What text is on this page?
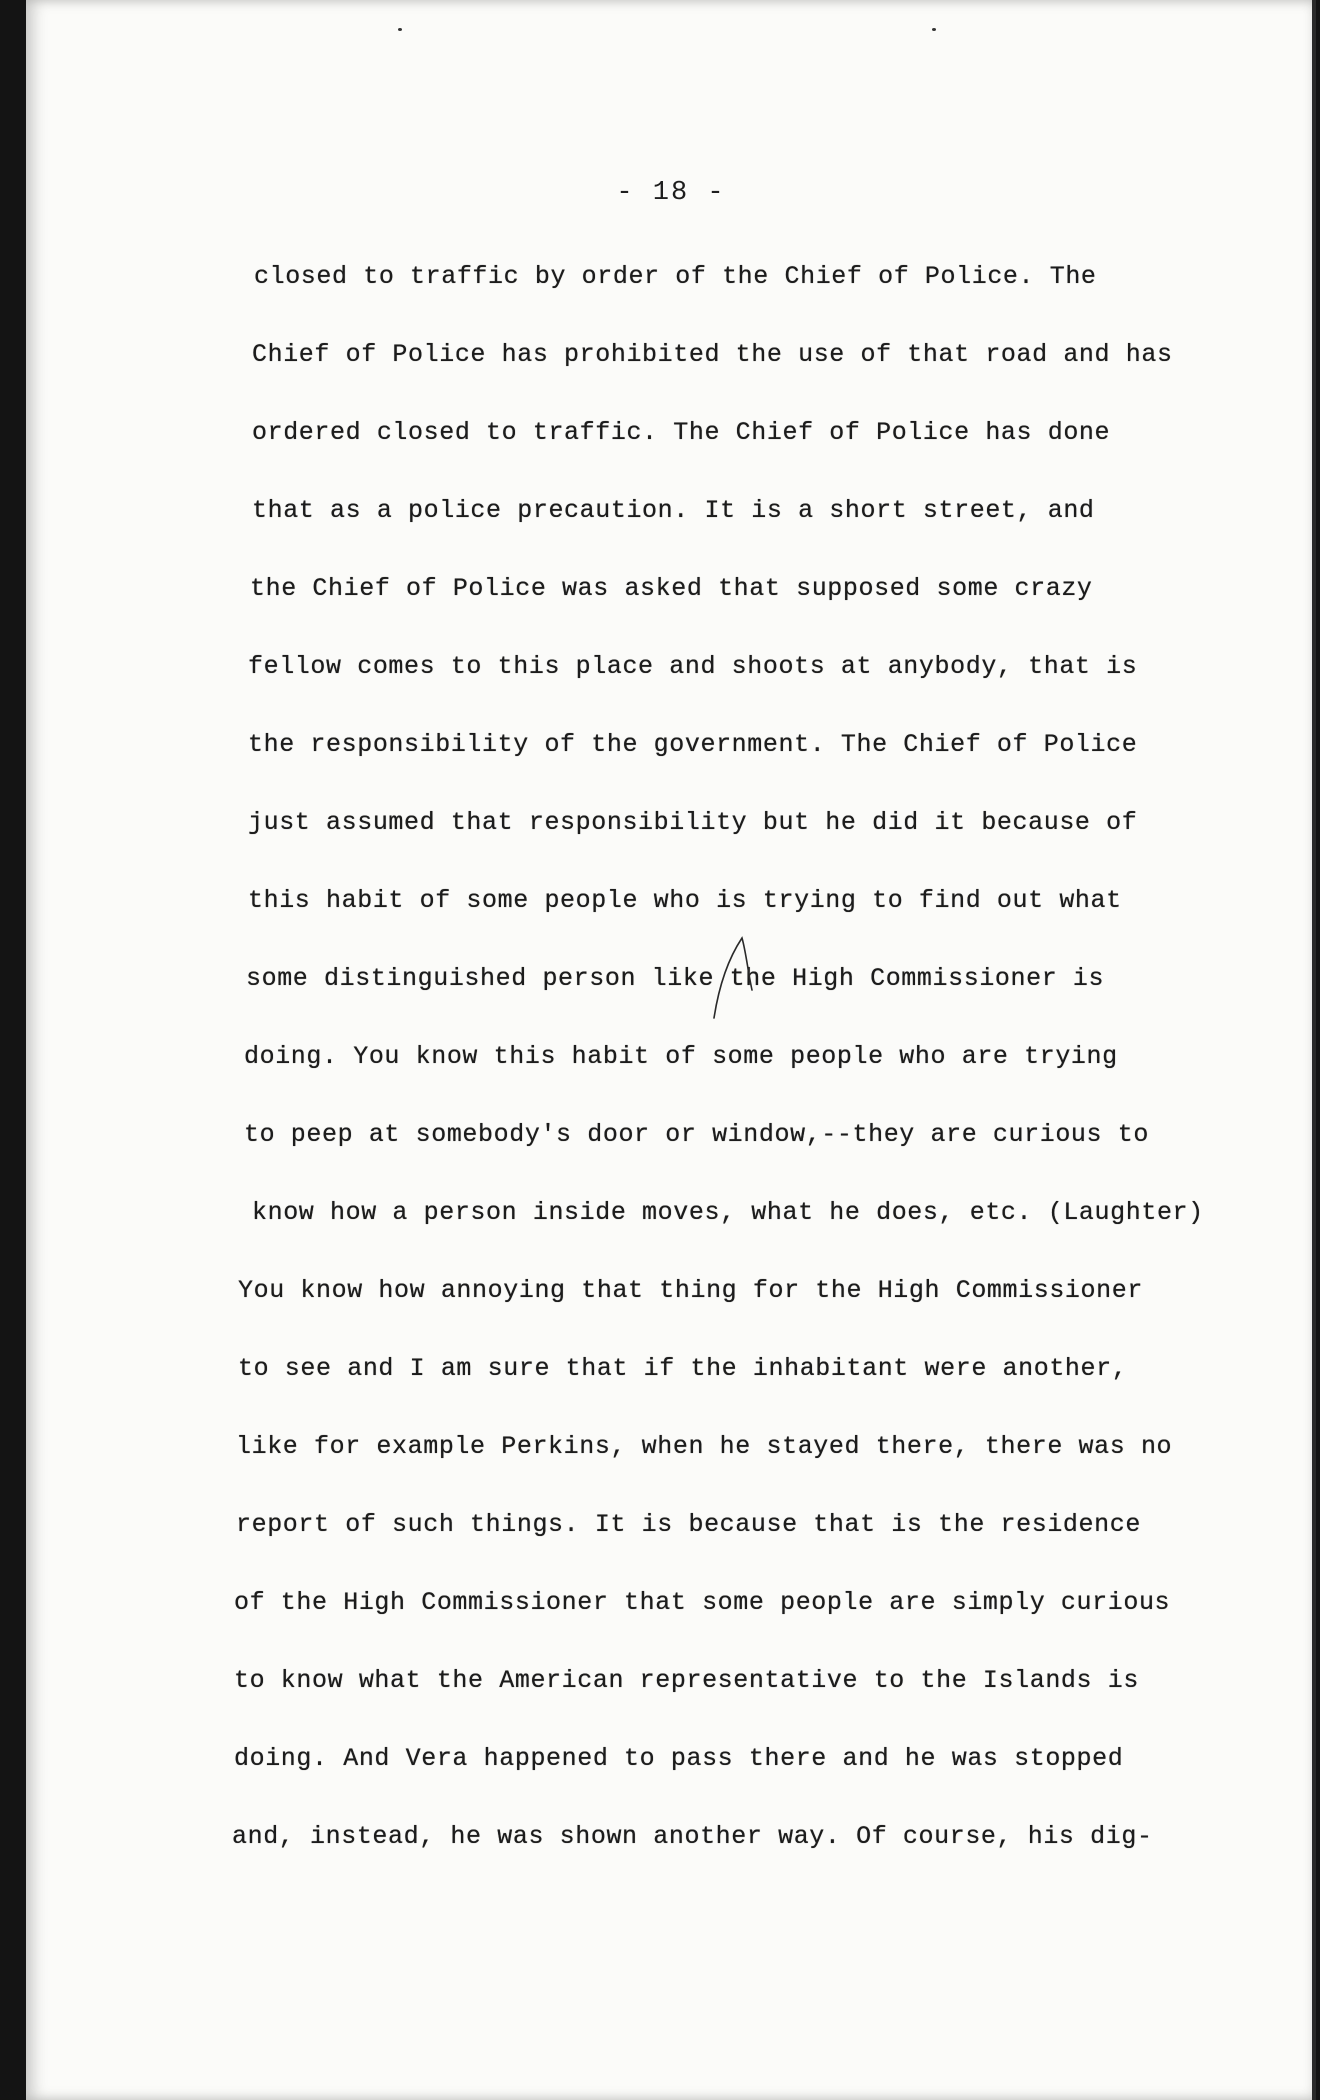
- 18 -
closed to traffic by order of the Chief of Police. The
Chief of Police has prohibited the use of that road and has
ordered closed to traffic. The Chief of Police has done
that as a police precaution. It is a short street, and
the Chief of Police was asked that supposed some crazy
fellow comes to this place and shoots at anybody, that is
the responsibility of the government. The Chief of Police
just assumed that responsibility but he did it because of
this habit of some people who is trying to find out what
some distinguished person like the High Commissioner is
doing. You know this habit of some people who are trying
to peep at somebody's door or window,--they are curious to
know how a person inside moves, what he does, etc. (Laughter)
You know how annoying that thing for the High Commissioner
to see and I am sure that if the inhabitant were another,
like for example Perkins, when he stayed there, there was no
report of such things. It is because that is the residence
of the High Commissioner that some people are simply curious
to know what the American representative to the Islands is
doing. And Vera happened to pass there and he was stopped
and, instead, he was shown another way. Of course, his dig-
